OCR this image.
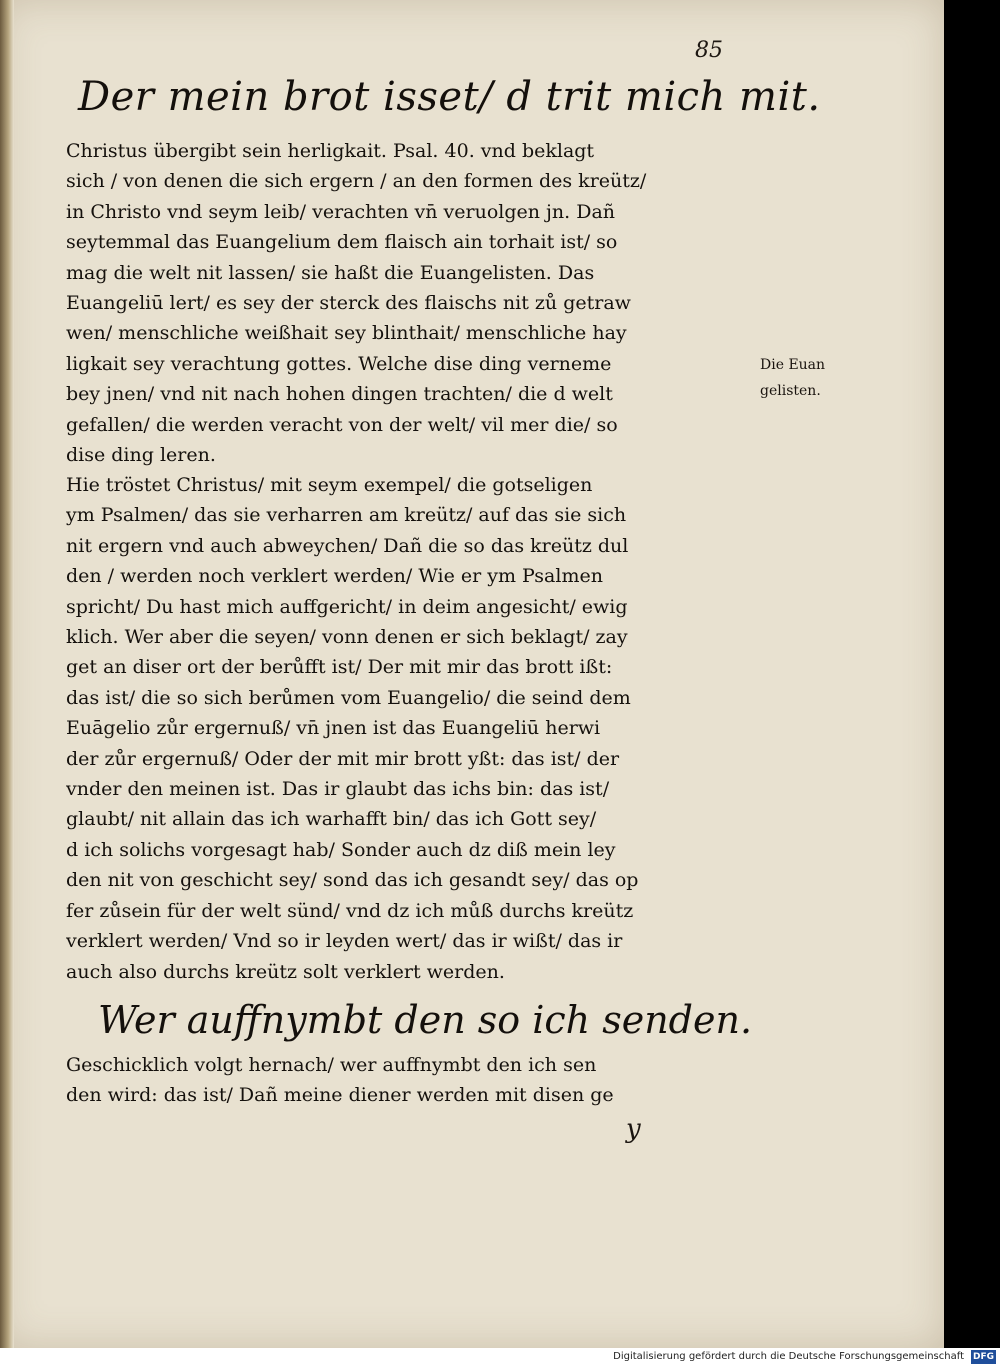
85
Der mein brot isset/ d trit mich mit.
Christus übergibt sein herligkait. Psal. 40. vnd beklagt
sich / von denen die sich ergern / an den formen des kreütz/
in Christo vnd seym leib/ verachten vn̄ veruolgen jn. Dañ
seytemmal das Euangelium dem flaisch ain torhait ist/ so
mag die welt nit lassen/ sie haßt die Euangelisten. Das
Euangeliū lert/ es sey der sterck des flaischs nit zů getraw
wen/ menschliche weißhait sey blinthait/ menschliche hay
ligkait sey verachtung gottes. Welche dise ding verneme
bey jnen/ vnd nit nach hohen dingen trachten/ die d welt
gefallen/ die werden veracht von der welt/ vil mer die/ so
dise ding leren.
Die Euan
gelisten.
Hie tröstet Christus/ mit seym exempel/ die gotseligen
ym Psalmen/ das sie verharren am kreütz/ auf das sie sich
nit ergern vnd auch abweychen/ Dañ die so das kreütz dul
den / werden noch verklert werden/ Wie er ym Psalmen
spricht/ Du hast mich auffgericht/ in deim angesicht/ ewig
klich. Wer aber die seyen/ vonn denen er sich beklagt/ zay
get an diser ort der berůfft ist/ Der mit mir das brott ißt:
das ist/ die so sich berůmen vom Euangelio/ die seind dem
Euāgelio zůr ergernuß/ vn̄ jnen ist das Euangeliū herwi
der zůr ergernuß/ Oder der mit mir brott yßt: das ist/ der
vnder den meinen ist. Das ir glaubt das ichs bin: das ist/
glaubt/ nit allain das ich warhafft bin/ das ich Gott sey/
d ich solichs vorgesagt hab/ Sonder auch dz diß mein ley
den nit von geschicht sey/ sond das ich gesandt sey/ das op
fer zůsein für der welt sünd/ vnd dz ich můß durchs kreütz
verklert werden/ Vnd so ir leyden wert/ das ir wißt/ das ir
auch also durchs kreütz solt verklert werden.
Wer auffnymbt den so ich senden.
Geschicklich volgt hernach/ wer auffnymbt den ich sen
den wird: das ist/ Dañ meine diener werden mit disen ge
y
Digitalisierung gefördert durch die Deutsche Forschungsgemeinschaft DFG
